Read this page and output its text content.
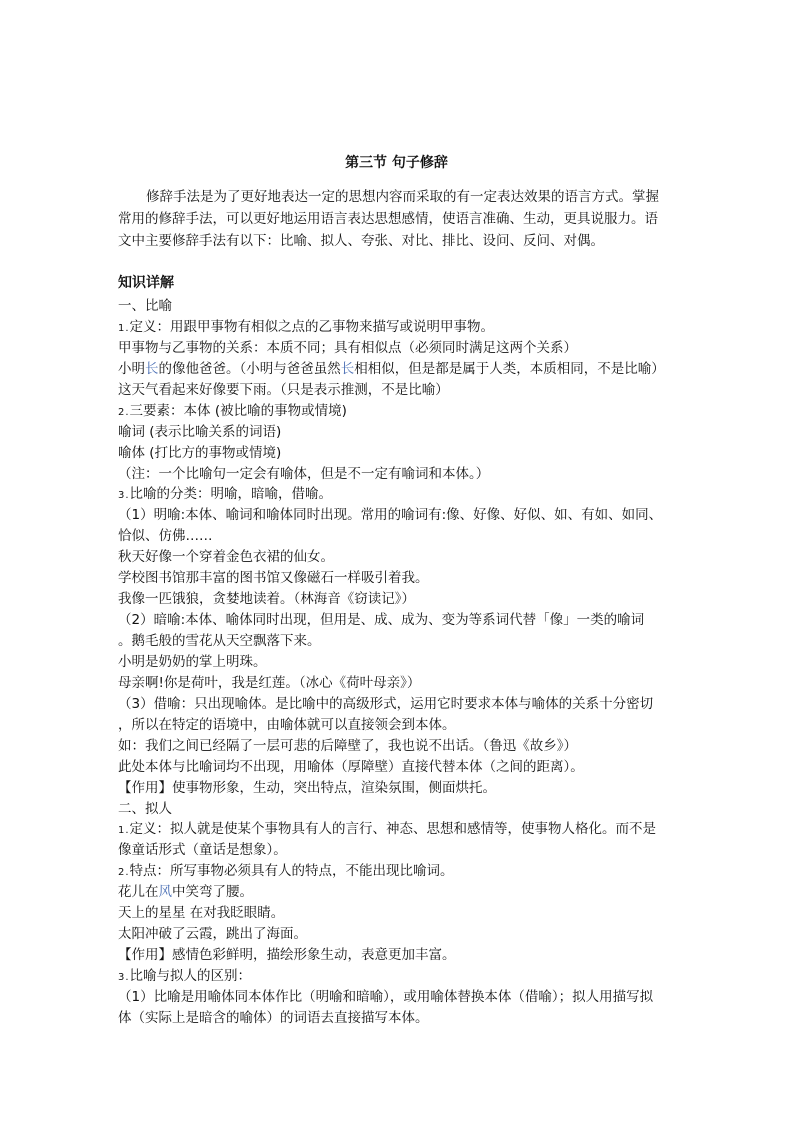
第三节 句子修辞

修辞手法是为了更好地表达一定的思想内容而采取的有一定表达效果的语言方式。掌握

常用的修辞手法，可以更好地运用语言表达思想感情，使语言准确、生动，更具说服力。语

文中主要修辞手法有以下：比喻、拟人、夸张、对比、排比、设问、反问、对偶。

知识详解

一、比喻

1.定义：用跟甲事物有相似之点的乙事物来描写或说明甲事物。

甲事物与乙事物的关系：本质不同；具有相似点（必须同时满足这两个关系）

小明长的像他爸爸。（小明与爸爸虽然长相相似，但是都是属于人类，本质相同，不是比喻）

这天气看起来好像要下雨。（只是表示推测，不是比喻）

2.三要素：本体 (被比喻的事物或情境)

喻词 (表示比喻关系的词语)

喻体 (打比方的事物或情境)

（注：一个比喻句一定会有喻体，但是不一定有喻词和本体。）

3.比喻的分类：明喻，暗喻，借喻。

（1）明喻:本体、喻词和喻体同时出现。常用的喻词有:像、好像、好似、如、有如、如同、

恰似、仿佛……

秋天好像一个穿着金色衣裙的仙女。

学校图书馆那丰富的图书馆又像磁石一样吸引着我。

我像一匹饿狼，贪婪地读着。（林海音《窃读记》）

（2）暗喻:本体、喻体同时出现，但用是、成、成为、变为等系词代替「像」一类的喻词

。鹅毛般的雪花从天空飘落下来。

小明是奶奶的掌上明珠。

母亲啊!你是荷叶，我是红莲。（冰心《荷叶母亲》）

（3）借喻：只出现喻体。是比喻中的高级形式，运用它时要求本体与喻体的关系十分密切

，所以在特定的语境中，由喻体就可以直接领会到本体。

如：我们之间已经隔了一层可悲的后障壁了，我也说不出话。（鲁迅《故乡》）

此处本体与比喻词均不出现，用喻体（厚障壁）直接代替本体（之间的距离）。

【作用】使事物形象，生动，突出特点，渲染氛围，侧面烘托。

二、拟人

1.定义：拟人就是使某个事物具有人的言行、神态、思想和感情等，使事物人格化。而不是

像童话形式（童话是想象）。

2.特点：所写事物必须具有人的特点，不能出现比喻词。

花儿在风中笑弯了腰。

天上的星星 在对我眨眼睛。

太阳冲破了云霞，跳出了海面。

【作用】感情色彩鲜明，描绘形象生动，表意更加丰富。

3.比喻与拟人的区别：

（1）比喻是用喻体同本体作比（明喻和暗喻），或用喻体替换本体（借喻）；拟人用描写拟

体（实际上是暗含的喻体）的词语去直接描写本体。
